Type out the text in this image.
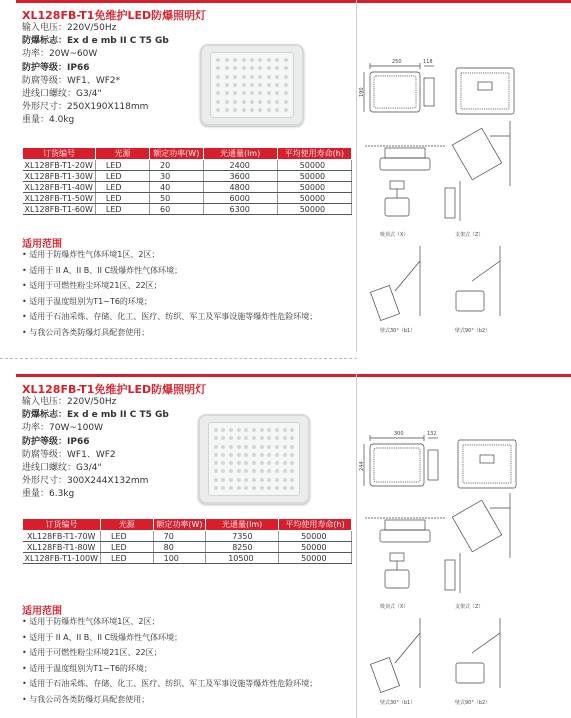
XL128FB-T1免维护LED防爆照明灯
输入电压：220V/50Hz
防爆标志：Ex d e mb II C T5 Gb
功率：20W~60W
防护等级：IP66
防腐等级：WF1、WF2*
进线口螺纹：G3/4"
外形尺寸：250X190X118mm
重量：4.0kg
订货编号	光源	额定功率(W)	光通量(lm)	平均使用寿命(h)
XL128FB-T1-20W	LED	20	2400	50000
XL128FB-T1-30W	LED	30	3600	50000
XL128FB-T1-40W	LED	40	4800	50000
XL128FB-T1-50W	LED	50	6000	50000
XL128FB-T1-60W	LED	60	6300	50000
适用范围
• 适用于防爆炸性气体环境1区、2区；
• 适用于 II A、II B、II C级爆炸性气体环境；
• 适用于可燃性粉尘环境21区、22区；
• 适用于温度组别为T1~T6的环境；
• 适用于石油采炼、存储、化工、医疗、纺织、军工及军事设施等爆炸性危险环境；
• 与我公司各类防爆灯具配套使用；
250	118
190
吸顶式（X）	支架式（Z）
壁式30°（b1）	壁式90°（b2）
XL128FB-T1免维护LED防爆照明灯
输入电压：220V/50Hz
防爆标志：Ex d e mb II C T5 Gb
功率：70W~100W
防护等级：IP66
防腐等级：WF1、WF2
进线口螺纹：G3/4"
外形尺寸：300X244X132mm
重量：6.3kg
订货编号	光源	额定功率(W)	光通量(lm)	平均使用寿命(h)
XL128FB-T1-70W	LED	70	7350	50000
XL128FB-T1-80W	LED	80	8250	50000
XL128FB-T1-100W	LED	100	10500	50000
适用范围
• 适用于防爆炸性气体环境1区、2区；
• 适用于 II A、II B、II C级爆炸性气体环境；
• 适用于可燃性粉尘环境21区、22区；
• 适用于温度组别为T1~T6的环境；
• 适用于石油采炼、存储、化工、医疗、纺织、军工及军事设施等爆炸性危险环境；
• 与我公司各类防爆灯具配套使用；
300	132
244
吸顶式（X）	支架式（Z）
壁式30°（b1）	壁式90°（b2）
